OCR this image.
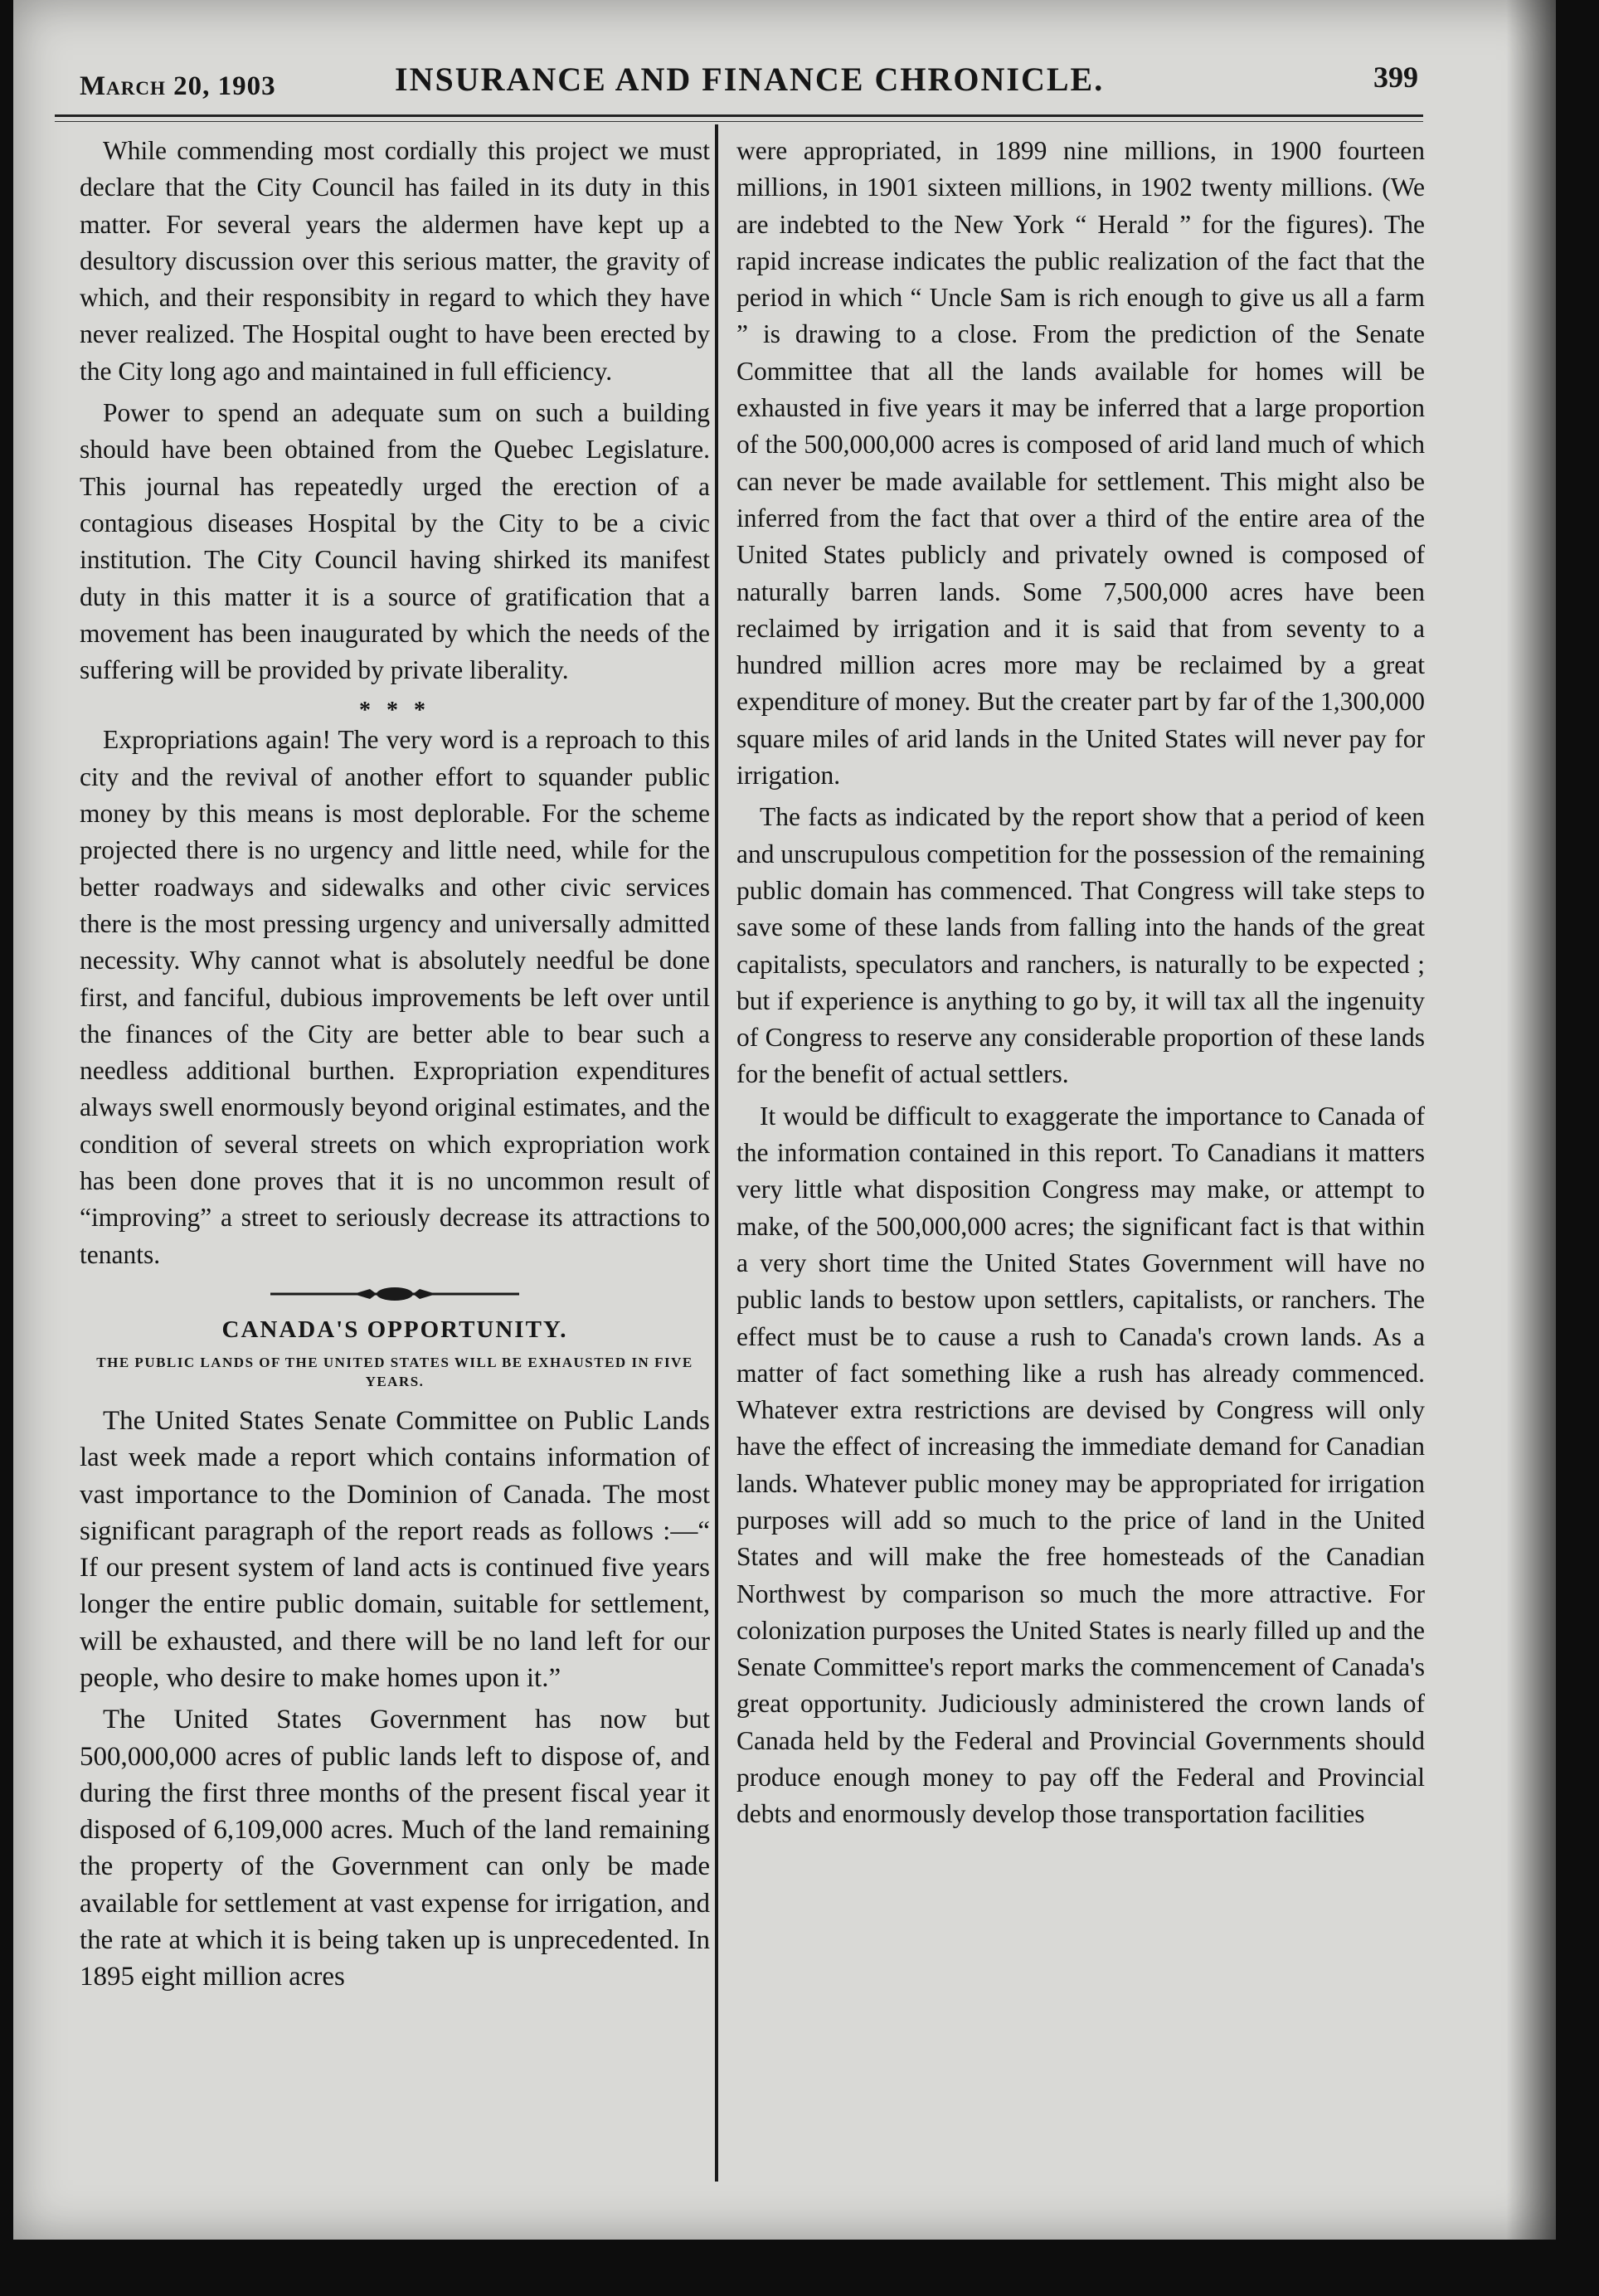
March 20, 1903	INSURANCE AND FINANCE CHRONICLE.	399

While commending most cordially this project we must declare that the City Council has failed in its duty in this matter. For several years the aldermen have kept up a desultory discussion over this serious matter, the gravity of which, and their responsibity in regard to which they have never realized. The Hospital ought to have been erected by the City long ago and maintained in full efficiency.

Power to spend an adequate sum on such a building should have been obtained from the Quebec Legislature. This journal has repeatedly urged the erection of a contagious diseases Hospital by the City to be a civic institution. The City Council having shirked its manifest duty in this matter it is a source of gratification that a movement has been inaugurated by which the needs of the suffering will be provided by private liberality.

* * *

Expropriations again! The very word is a reproach to this city and the revival of another effort to squander public money by this means is most deplorable. For the scheme projected there is no urgency and little need, while for the better roadways and sidewalks and other civic services there is the most pressing urgency and universally admitted necessity. Why cannot what is absolutely needful be done first, and fanciful, dubious improvements be left over until the finances of the City are better able to bear such a needless additional burthen. Expropriation expenditures always swell enormously beyond original estimates, and the condition of several streets on which expropriation work has been done proves that it is no uncommon result of “improving” a street to seriously decrease its attractions to tenants.

CANADA'S OPPORTUNITY.
THE PUBLIC LANDS OF THE UNITED STATES WILL BE EXHAUSTED IN FIVE YEARS.

The United States Senate Committee on Public Lands last week made a report which contains information of vast importance to the Dominion of Canada. The most significant paragraph of the report reads as follows :—“ If our present system of land acts is continued five years longer the entire public domain, suitable for settlement, will be exhausted, and there will be no land left for our people, who desire to make homes upon it.”

The United States Government has now but 500,000,000 acres of public lands left to dispose of, and during the first three months of the present fiscal year it disposed of 6,109,000 acres. Much of the land remaining the property of the Government can only be made available for settlement at vast expense for irrigation, and the rate at which it is being taken up is unprecedented. In 1895 eight million acres

were appropriated, in 1899 nine millions, in 1900 fourteen millions, in 1901 sixteen millions, in 1902 twenty millions. (We are indebted to the New York “ Herald ” for the figures). The rapid increase indicates the public realization of the fact that the period in which “ Uncle Sam is rich enough to give us all a farm ” is drawing to a close. From the prediction of the Senate Committee that all the lands available for homes will be exhausted in five years it may be inferred that a large proportion of the 500,000,000 acres is composed of arid land much of which can never be made available for settlement. This might also be inferred from the fact that over a third of the entire area of the United States publicly and privately owned is composed of naturally barren lands. Some 7,500,000 acres have been reclaimed by irrigation and it is said that from seventy to a hundred million acres more may be reclaimed by a great expenditure of money. But the creater part by far of the 1,300,000 square miles of arid lands in the United States will never pay for irrigation.

The facts as indicated by the report show that a period of keen and unscrupulous competition for the possession of the remaining public domain has commenced. That Congress will take steps to save some of these lands from falling into the hands of the great capitalists, speculators and ranchers, is naturally to be expected ; but if experience is anything to go by, it will tax all the ingenuity of Congress to reserve any considerable proportion of these lands for the benefit of actual settlers.

It would be difficult to exaggerate the importance to Canada of the information contained in this report. To Canadians it matters very little what disposition Congress may make, or attempt to make, of the 500,000,000 acres; the significant fact is that within a very short time the United States Government will have no public lands to bestow upon settlers, capitalists, or ranchers. The effect must be to cause a rush to Canada's crown lands. As a matter of fact something like a rush has already commenced. Whatever extra restrictions are devised by Congress will only have the effect of increasing the immediate demand for Canadian lands. Whatever public money may be appropriated for irrigation purposes will add so much to the price of land in the United States and will make the free homesteads of the Canadian Northwest by comparison so much the more attractive. For colonization purposes the United States is nearly filled up and the Senate Committee's report marks the commencement of Canada's great opportunity. Judiciously administered the crown lands of Canada held by the Federal and Provincial Governments should produce enough money to pay off the Federal and Provincial debts and enormously develop those transportation facilities
